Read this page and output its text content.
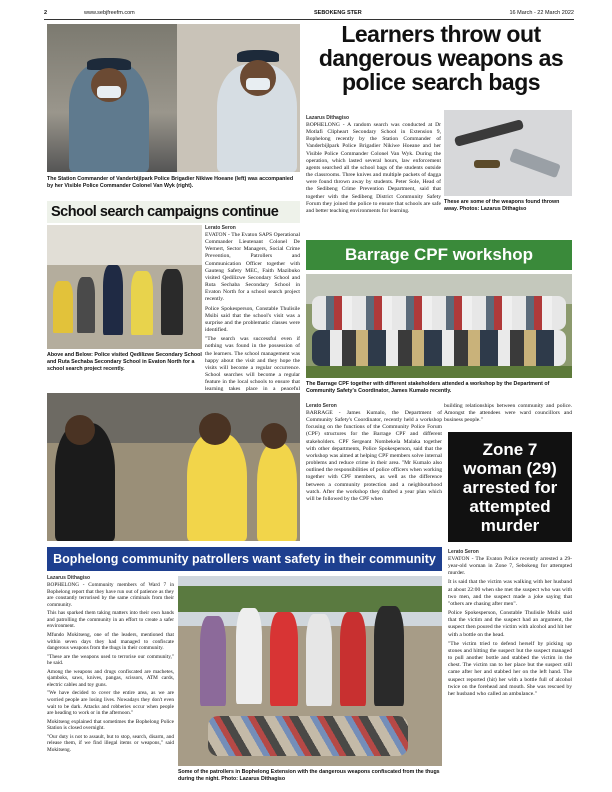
2	www.sebjfreefm.com	SEBOKENG STER	16 March - 22 March 2022
The Station Commander of Vanderbijlpark Police Brigadier Nikiwe Hoeane (left) was accompanied by her Visible Police Commander Colonel Van Wyk (right).
Learners throw out dangerous weapons as police search bags
Lazarus Dithagiso
BOPHELONG - A random search was conducted at Dr Motlafi Clipheart Secondary School in Extension 9, Bophelong recently by the Station Commander of Vanderbijlpark Police Brigadier Nikiwe Hoeane and her Visible Police Commander Colonel Van Wyk. During the operation, which lasted several hours, law enforcement agents searched all the school bags of the students outside the classrooms. Three knives and multiple packets of dagga were found thrown away by students. Peter Sole, Head of the Sedibeng Crime Prevention Department, said that together with the Sedibeng District Community Safety Forum they joined the police to ensure that schools are safe and better teaching environments for learning.
These are some of the weapons found thrown away. Photos: Lazarus Dithagiso
School search campaigns continue
Above and Below: Police visited Qedilizwe Secondary School and Ruta Sechaba Secondary School in Evaton North for a school search project recently.
Lerato Seron

EVATON - The Evaton SAPS Operational Commander Lieutenant Colonel De Wernert, Sector Managers, Social Crime Prevention, Patrollers and Communication Officer together with Gauteng Safety MEC, Faith Mazibuko visited Qedilizwe Secondary School and Ruta Sechaba Secondary School in Evaton North for a school search project recently.

Police Spokesperson, Constable Thulisile Msibi said that the school's visit was a surprise and the problematic classes were identified.

"The search was successful even if nothing was found in the possession of the learners. The school management was happy about the visit and they hope the visits will become a regular occurrence. School searches will become a regular feature in the local schools to ensure that learning takes place in a peaceful

Barrage CPF workshop
The Barrage CPF together with different stakeholders attended a workshop by the Department of Community Safety's Coordinator, James Kumalo recently.
Lerato Seron
BARRAGE - James Kumalo, the Department of Community Safety's Coordinator, recently held a workshop focusing on the functions of the Community Police Forum (CPF) structures for the Barrage CPF and different stakeholders. CPF Sergeant Nombekela Malaka together with other departments, Police Spokesperson, said that the workshop was aimed at helping CPF members solve internal problems and reduce crime in their area. "Mr Kumalo also outlined the responsibilities of police officers when working together with CPF members, as well as the difference between a community protection and a neighbourhood watch. After the workshop they drafted a year plan which will be followed by the CPF when
building relationships between community and police. Amongst the attendees were ward councillors and business people."
Zone 7 woman (29) arrested for attempted murder
Lerato Seron

EVATON - The Evaton Police recently arrested a 29-year-old woman in Zone 7, Sebokeng for attempted murder.

It is said that the victim was walking with her husband at about 22:00 when she met the suspect who was with two men, and the suspect made a joke saying that "others are chasing after men".

Police Spokesperson, Constable Thulisile Msibi said that the victim and the suspect had an argument, the suspect then poured the victim with alcohol and hit her with a bottle on the head.

"The victim tried to defend herself by picking up stones and hitting the suspect but the suspect managed to pull another bottle and stabbed the victim in the chest. The victim ran to her place but the suspect still came after her and stabbed her on the left hand. The suspect reported (hit) her with a bottle full of alcohol twice on the forehead and mouth. She was rescued by her husband who called an ambulance."

Bophelong community patrollers want safety in their community
Lazarus Dithagiso

BOPHELONG - Community members of Ward 7 in Bophelong report that they have run out of patience as they are constantly terrorised by the same criminals from their community.

This has sparked them taking matters into their own hands and patrolling the community in an effort to create a safer environment.

Mfundo Mokitseng, one of the leaders, mentioned that within seven days they had managed to confiscate dangerous weapons from the thugs in their community.

"These are the weapons used to terrorise our community," he said.

Among the weapons and drugs confiscated are machetes, sjamboks, saws, knives, pangas, scissors, ATM cards, electric cables and toy guns.

"We have decided to cover the entire area, as we are worried people are losing lives. Nowadays they don't even wait to be dark. Attacks and robberies occur when people are heading to work or in the afternoon."

Mokitseng explained that sometimes the Bophelong Police Station is closed overnight.

"Our duty is not to assault, but to stop, search, disarm, and release them, if we find illegal items or weapons," said Mokitseng.

Some of the patrollers in Bophelong Extension with the dangerous weapons confiscated from the thugs during the night. Photo: Lazarus Dithagiso
